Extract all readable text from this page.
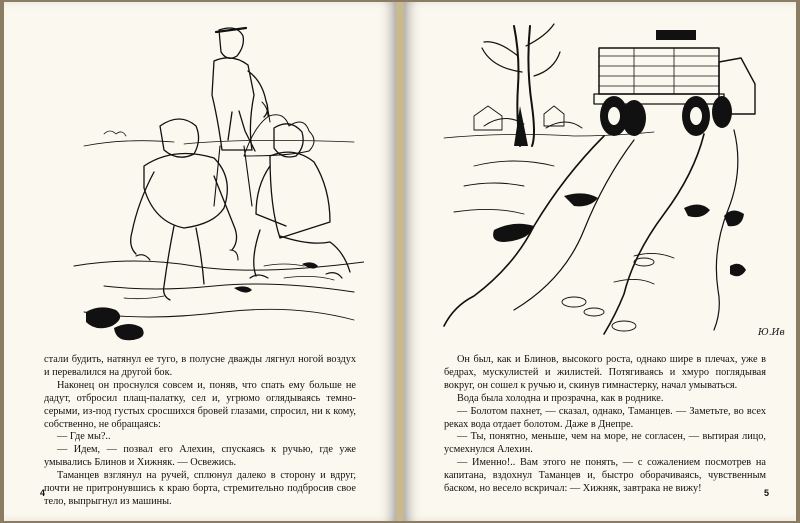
стали будить, натянул ее туго, в полусне дважды лягнул ногой воздух и перевалился на другой бок.

Наконец он проснулся совсем и, поняв, что спать ему больше не дадут, отбросил плащ-палатку, сел и, угрюмо оглядываясь темно-серыми, из-под густых сросшихся бровей глазами, спросил, ни к кому, собственно, не обращаясь:

— Где мы?..

— Идем, — позвал его Алехин, спускаясь к ручью, где уже умывались Блинов и Хижняк. — Освежись.

Таманцев взглянул на ручей, сплюнул далеко в сторону и вдруг, почти не притронувшись к краю борта, стремительно подбросив свое тело, выпрыгнул из машины.

4
Ю.Ив

Он был, как и Блинов, высокого роста, однако шире в плечах, уже в бедрах, мускулистей и жилистей. Потягиваясь и хмуро поглядывая вокруг, он сошел к ручью и, скинув гимнастерку, начал умываться.

Вода была холодна и прозрачна, как в роднике.

— Болотом пахнет, — сказал, однако, Таманцев. — Заметьте, во всех реках вода отдает болотом. Даже в Днепре.

— Ты, понятно, меньше, чем на море, не согласен, — вытирая лицо, усмехнулся Алехин.

— Именно!.. Вам этого не понять, — с сожалением посмотрев на капитана, вздохнул Таманцев и, быстро оборачиваясь, чувственным баском, но весело вскричал: — Хижняк, завтрака не вижу!	5
